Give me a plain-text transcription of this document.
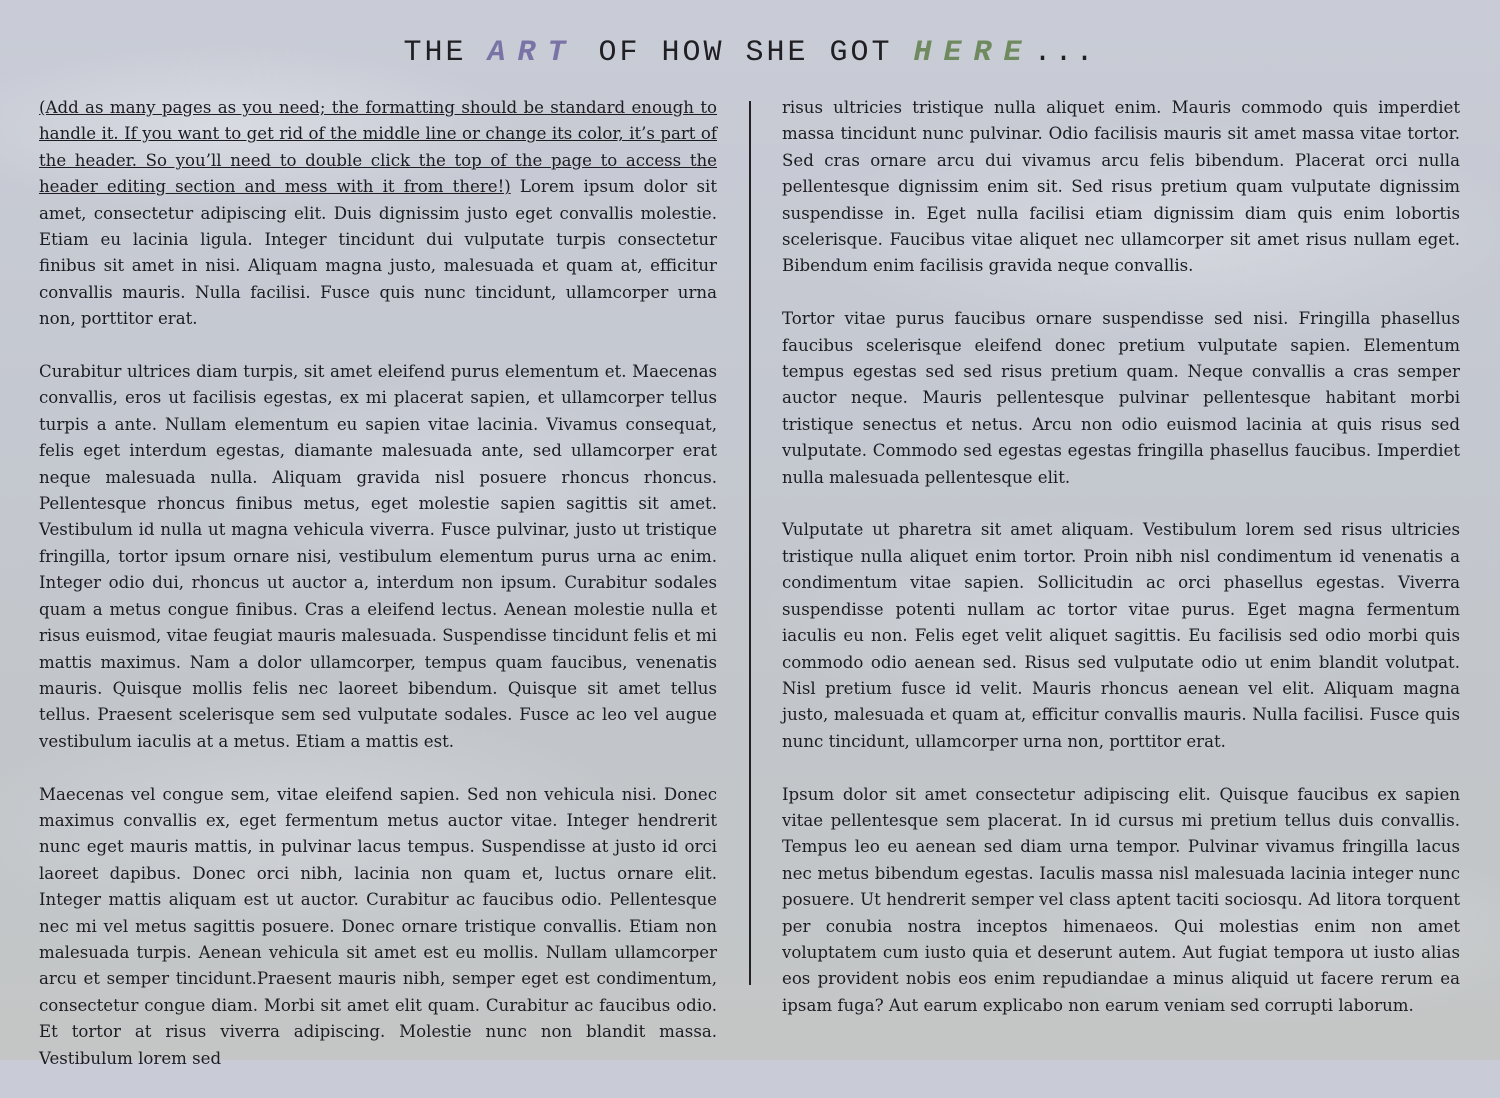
THE ART OF HOW SHE GOT HERE...

(Add as many pages as you need; the formatting should be standard enough to handle it. If you want to get rid of the middle line or change its color, it’s part of the header. So you’ll need to double click the top of the page to access the header editing section and mess with it from there!) Lorem ipsum dolor sit amet, consectetur adipiscing elit. Duis dignissim justo eget convallis molestie. Etiam eu lacinia ligula. Integer tincidunt dui vulputate turpis consectetur finibus sit amet in nisi. Aliquam magna justo, malesuada et quam at, efficitur convallis mauris. Nulla facilisi. Fusce quis nunc tincidunt, ullamcorper urna non, porttitor erat.

Curabitur ultrices diam turpis, sit amet eleifend purus elementum et. Maecenas convallis, eros ut facilisis egestas, ex mi placerat sapien, et ullamcorper tellus turpis a ante. Nullam elementum eu sapien vitae lacinia. Vivamus consequat, felis eget interdum egestas, diamante malesuada ante, sed ullamcorper erat neque malesuada nulla. Aliquam gravida nisl posuere rhoncus rhoncus. Pellentesque rhoncus finibus metus, eget molestie sapien sagittis sit amet. Vestibulum id nulla ut magna vehicula viverra. Fusce pulvinar, justo ut tristique fringilla, tortor ipsum ornare nisi, vestibulum elementum purus urna ac enim. Integer odio dui, rhoncus ut auctor a, interdum non ipsum. Curabitur sodales quam a metus congue finibus. Cras a eleifend lectus. Aenean molestie nulla et risus euismod, vitae feugiat mauris malesuada. Suspendisse tincidunt felis et mi mattis maximus. Nam a dolor ullamcorper, tempus quam faucibus, venenatis mauris. Quisque mollis felis nec laoreet bibendum. Quisque sit amet tellus tellus. Praesent scelerisque sem sed vulputate sodales. Fusce ac leo vel augue vestibulum iaculis at a metus. Etiam a mattis est.

Maecenas vel congue sem, vitae eleifend sapien. Sed non vehicula nisi. Donec maximus convallis ex, eget fermentum metus auctor vitae. Integer hendrerit nunc eget mauris mattis, in pulvinar lacus tempus. Suspendisse at justo id orci laoreet dapibus. Donec orci nibh, lacinia non quam et, luctus ornare elit. Integer mattis aliquam est ut auctor. Curabitur ac faucibus odio. Pellentesque nec mi vel metus sagittis posuere. Donec ornare tristique convallis. Etiam non malesuada turpis. Aenean vehicula sit amet est eu mollis. Nullam ullamcorper arcu et semper tincidunt.Praesent mauris nibh, semper eget est condimentum, consectetur congue diam. Morbi sit amet elit quam. Curabitur ac faucibus odio. Et tortor at risus viverra adipiscing. Molestie nunc non blandit massa. Vestibulum lorem sed

risus ultricies tristique nulla aliquet enim. Mauris commodo quis imperdiet massa tincidunt nunc pulvinar. Odio facilisis mauris sit amet massa vitae tortor. Sed cras ornare arcu dui vivamus arcu felis bibendum. Placerat orci nulla pellentesque dignissim enim sit. Sed risus pretium quam vulputate dignissim suspendisse in. Eget nulla facilisi etiam dignissim diam quis enim lobortis scelerisque. Faucibus vitae aliquet nec ullamcorper sit amet risus nullam eget. Bibendum enim facilisis gravida neque convallis.

Tortor vitae purus faucibus ornare suspendisse sed nisi. Fringilla phasellus faucibus scelerisque eleifend donec pretium vulputate sapien. Elementum tempus egestas sed sed risus pretium quam. Neque convallis a cras semper auctor neque. Mauris pellentesque pulvinar pellentesque habitant morbi tristique senectus et netus. Arcu non odio euismod lacinia at quis risus sed vulputate. Commodo sed egestas egestas fringilla phasellus faucibus. Imperdiet nulla malesuada pellentesque elit.

Vulputate ut pharetra sit amet aliquam. Vestibulum lorem sed risus ultricies tristique nulla aliquet enim tortor. Proin nibh nisl condimentum id venenatis a condimentum vitae sapien. Sollicitudin ac orci phasellus egestas. Viverra suspendisse potenti nullam ac tortor vitae purus. Eget magna fermentum iaculis eu non. Felis eget velit aliquet sagittis. Eu facilisis sed odio morbi quis commodo odio aenean sed. Risus sed vulputate odio ut enim blandit volutpat. Nisl pretium fusce id velit. Mauris rhoncus aenean vel elit. Aliquam magna justo, malesuada et quam at, efficitur convallis mauris. Nulla facilisi. Fusce quis nunc tincidunt, ullamcorper urna non, porttitor erat.

Ipsum dolor sit amet consectetur adipiscing elit. Quisque faucibus ex sapien vitae pellentesque sem placerat. In id cursus mi pretium tellus duis convallis. Tempus leo eu aenean sed diam urna tempor. Pulvinar vivamus fringilla lacus nec metus bibendum egestas. Iaculis massa nisl malesuada lacinia integer nunc posuere. Ut hendrerit semper vel class aptent taciti sociosqu. Ad litora torquent per conubia nostra inceptos himenaeos. Qui molestias enim non amet voluptatem cum iusto quia et deserunt autem. Aut fugiat tempora ut iusto alias eos provident nobis eos enim repudiandae a minus aliquid ut facere rerum ea ipsam fuga? Aut earum explicabo non earum veniam sed corrupti laborum.
